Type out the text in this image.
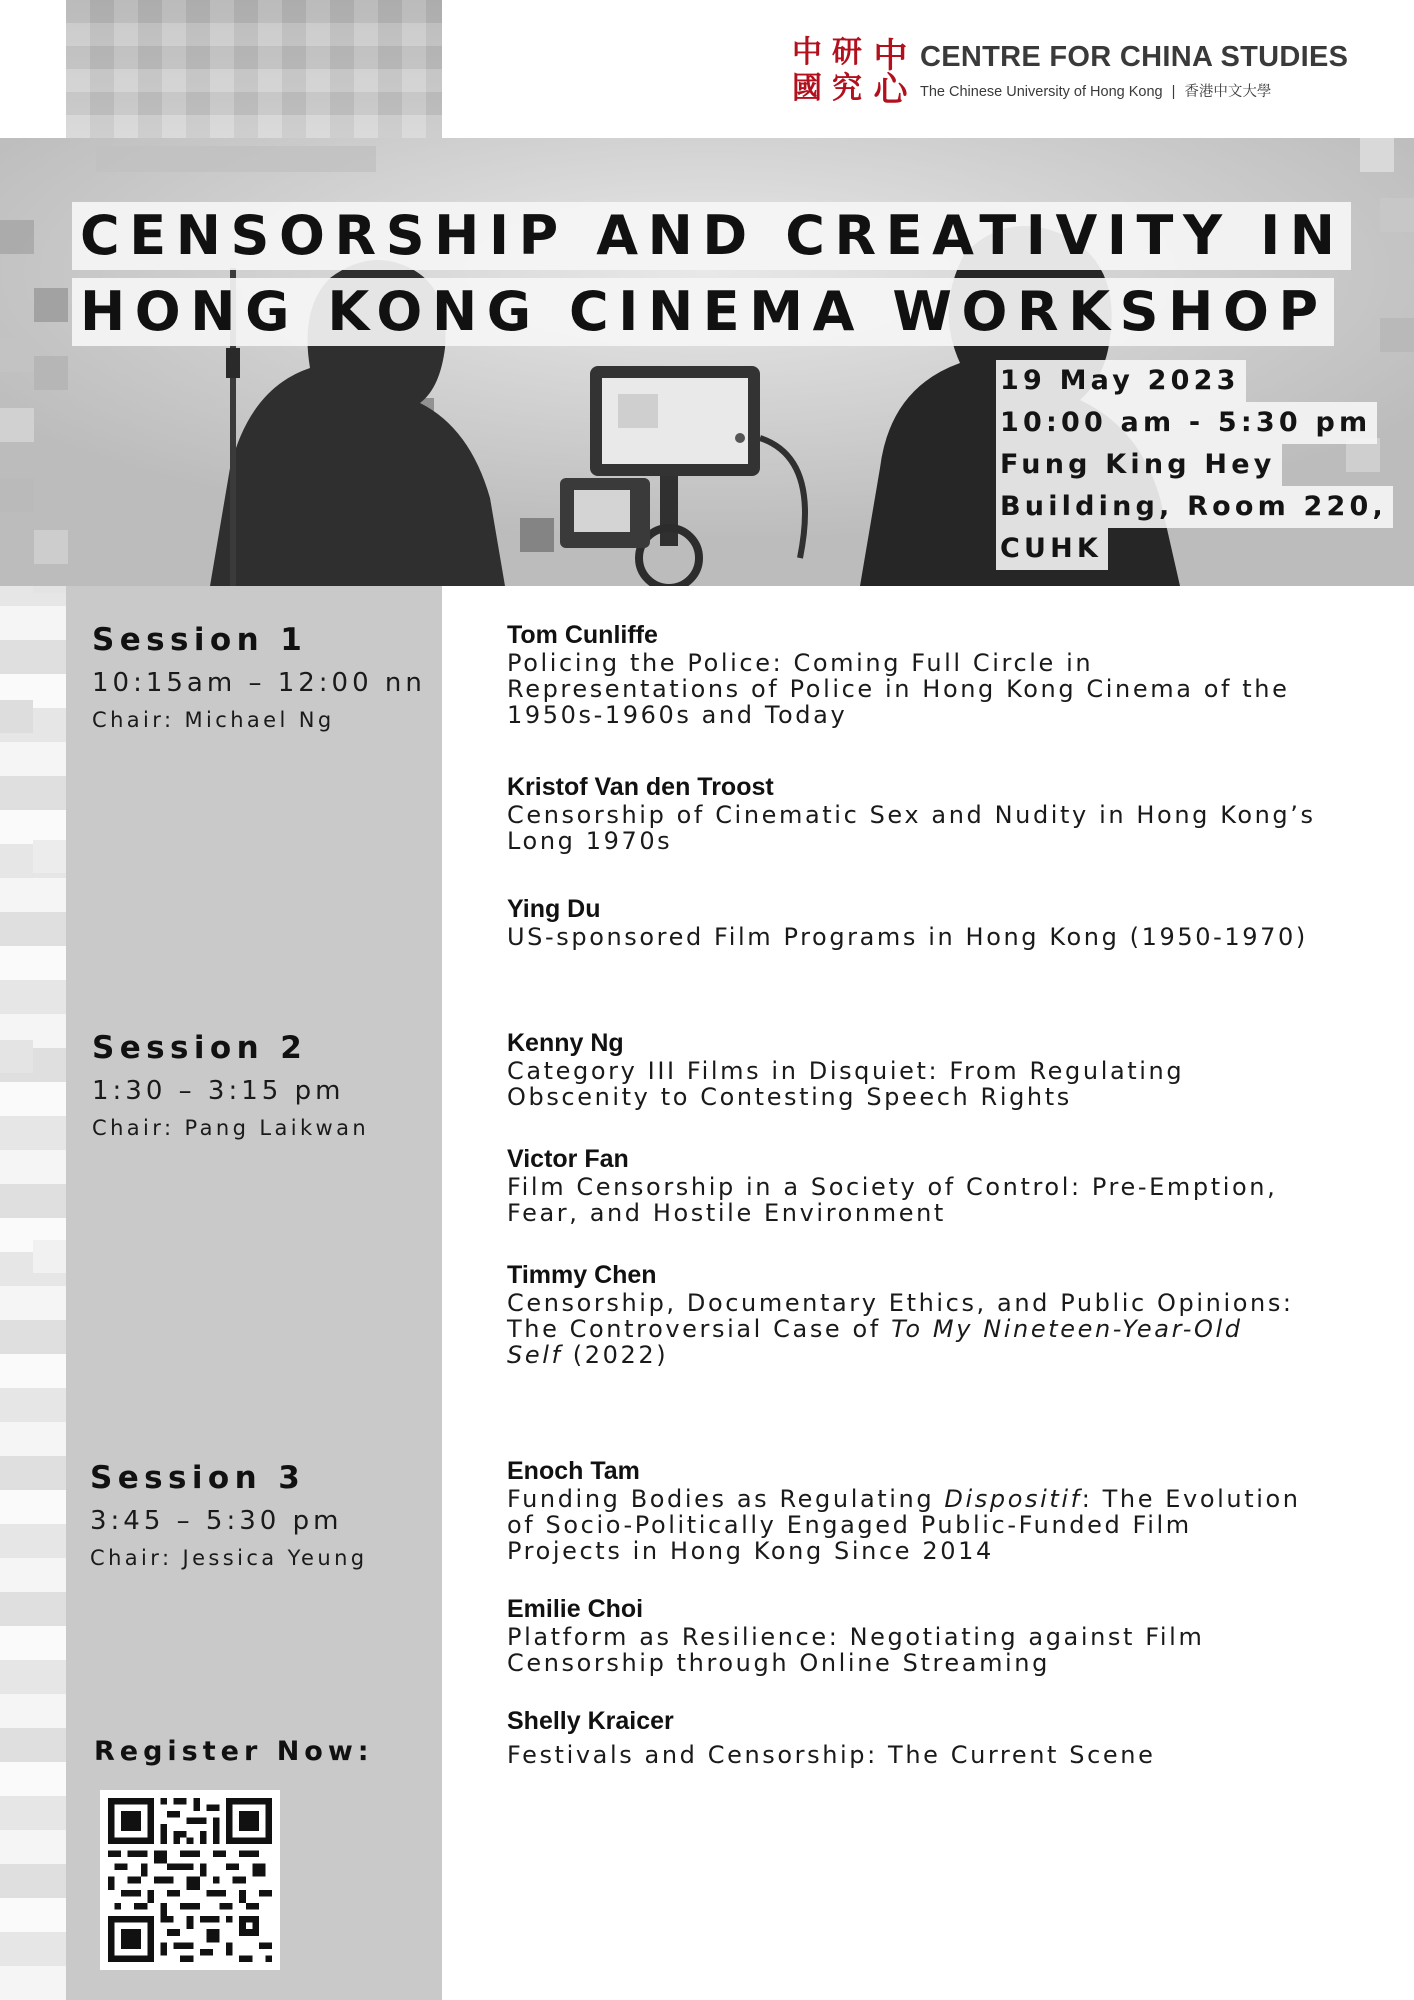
中 研 中心
國 究
CENTRE FOR CHINA STUDIES
The Chinese University of Hong Kong | 香港中文大學
CENSORSHIP AND CREATIVITY IN
HONG KONG CINEMA WORKSHOP
19 May 2023
10:00 am - 5:30 pm
Fung King Hey
Building, Room 220,
CUHK
Session 1
10:15am – 12:00 nn
Chair: Michael Ng
Session 2
1:30 – 3:15 pm
Chair: Pang Laikwan
Session 3
3:45 – 5:30 pm
Chair: Jessica Yeung
Register Now:
Tom Cunliffe
Policing the Police: Coming Full Circle in
Representations of Police in Hong Kong Cinema of the
1950s-1960s and Today
Kristof Van den Troost
Censorship of Cinematic Sex and Nudity in Hong Kong’s
Long 1970s
Ying Du
US-sponsored Film Programs in Hong Kong (1950-1970)
Kenny Ng
Category III Films in Disquiet: From Regulating
Obscenity to Contesting Speech Rights
Victor Fan
Film Censorship in a Society of Control: Pre-Emption,
Fear, and Hostile Environment
Timmy Chen
Censorship, Documentary Ethics, and Public Opinions:
The Controversial Case of To My Nineteen-Year-Old
Self (2022)
Enoch Tam
Funding Bodies as Regulating Dispositif: The Evolution
of Socio-Politically Engaged Public-Funded Film
Projects in Hong Kong Since 2014
Emilie Choi
Platform as Resilience: Negotiating against Film
Censorship through Online Streaming
Shelly Kraicer
Festivals and Censorship: The Current Scene
